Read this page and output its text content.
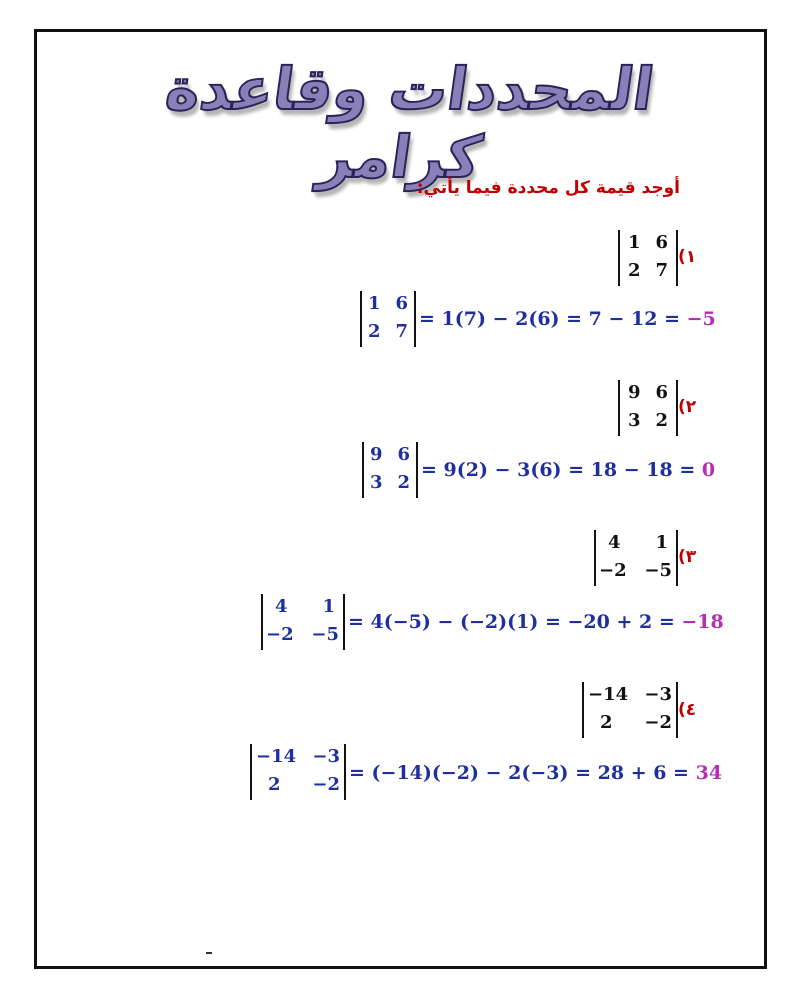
المحددات وقاعدة كرامر
أوجد قيمة كل محددة فيما يأتي:
(١
1 6
2 7
1 6
2 7
= 1(7) − 2(6) = 7 − 12 = −5
(٢
9 6
3 2
9 6
3 2
= 9(2) − 3(6) = 18 − 18 = 0
(٣
4 1
−2 −5
4 1
−2 −5
= 4(−5) − (−2)(1) = −20 + 2 = −18
(٤
−14 −3
2 −2
−14 −3
2 −2
= (−14)(−2) − 2(−3) = 28 + 6 = 34
